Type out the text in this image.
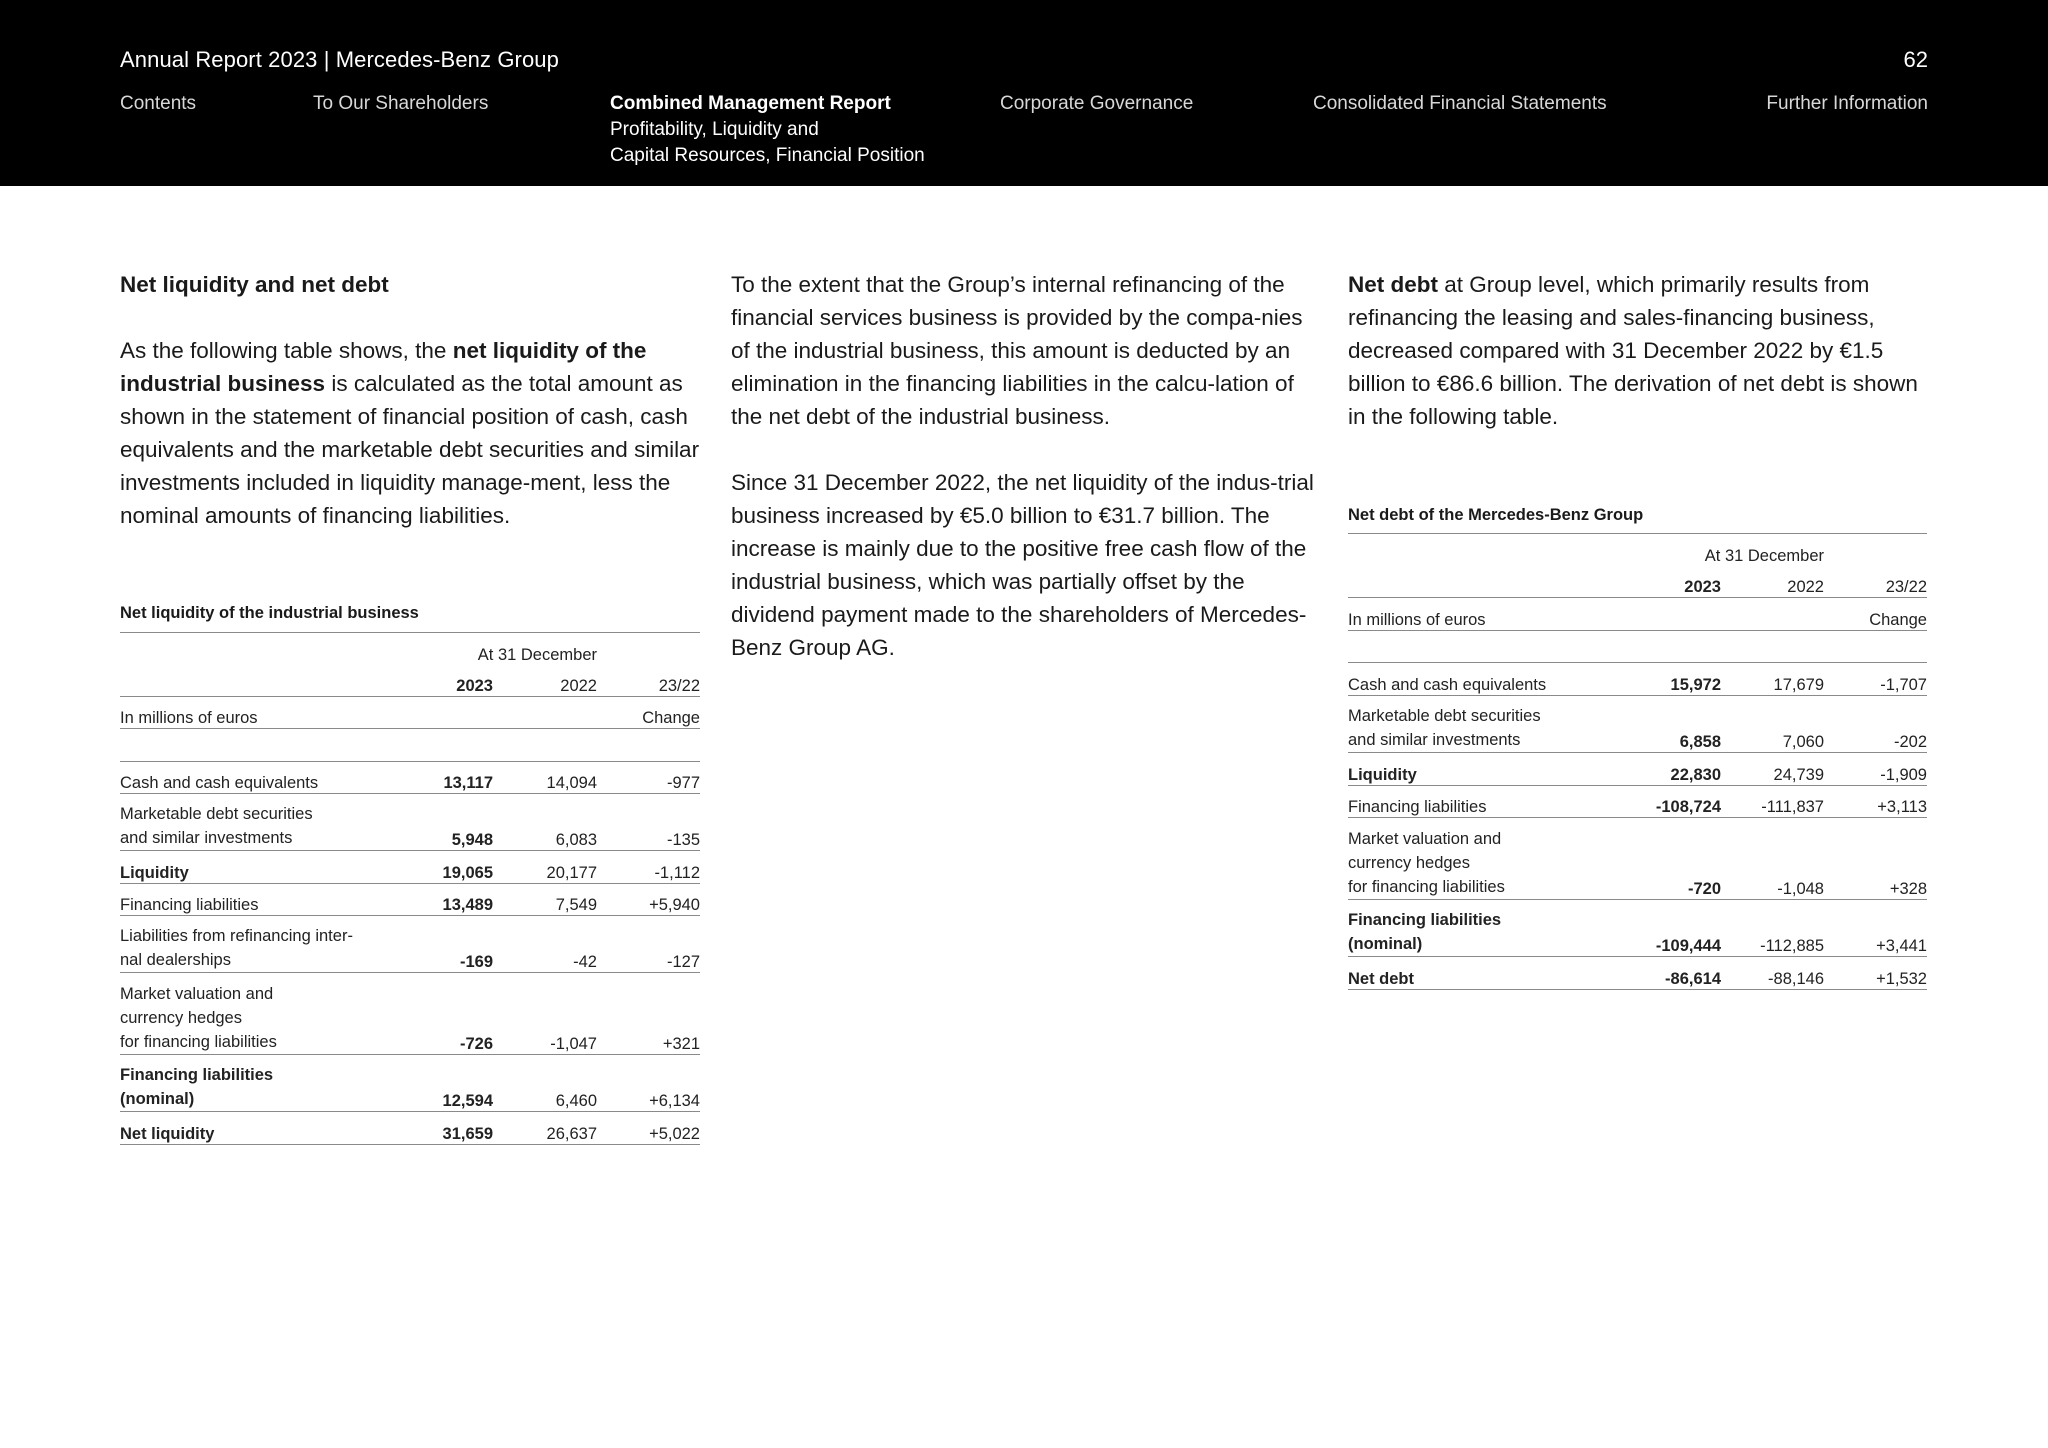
Annual Report 2023 | Mercedes-Benz Group	62
Contents	To Our Shareholders	Combined Management Report
Profitability, Liquidity and
Capital Resources, Financial Position
Corporate Governance	Consolidated Financial Statements	Further Information

Net liquidity and net debt

As the following table shows, the net liquidity of the industrial business is calculated as the total amount as shown in the statement of financial position of cash, cash equivalents and the marketable debt securities and similar investments included in liquidity manage-ment, less the nominal amounts of financing liabilities.

To the extent that the Group’s internal refinancing of the financial services business is provided by the compa-nies of the industrial business, this amount is deducted by an elimination in the financing liabilities in the calcu-lation of the net debt of the industrial business.

Since 31 December 2022, the net liquidity of the indus-trial business increased by €5.0 billion to €31.7 billion. The increase is mainly due to the positive free cash flow of the industrial business, which was partially offset by the dividend payment made to the shareholders of Mercedes-Benz Group AG.

Net debt at Group level, which primarily results from refinancing the leasing and sales-financing business, decreased compared with 31 December 2022 by €1.5 billion to €86.6 billion. The derivation of net debt is shown in the following table.

Net liquidity of the industrial business
	At 31 December		
	2023	2022	23/22
In millions of euros			Change

Cash and cash equivalents	13,117	14,094	-977
Marketable debt securities
and similar investments	5,948	6,083	-135
Liquidity	19,065	20,177	-1,112
Financing liabilities	13,489	7,549	+5,940
Liabilities from refinancing inter-
nal dealerships	-169	-42	-127
Market valuation and
currency hedges
for financing liabilities	-726	-1,047	+321
Financing liabilities
(nominal)	12,594	6,460	+6,134
Net liquidity	31,659	26,637	+5,022
Net debt of the Mercedes-Benz Group
	At 31 December		
	2023	2022	23/22
In millions of euros			Change

Cash and cash equivalents	15,972	17,679	-1,707
Marketable debt securities
and similar investments	6,858	7,060	-202
Liquidity	22,830	24,739	-1,909
Financing liabilities	-108,724	-111,837	+3,113
Market valuation and
currency hedges
for financing liabilities	-720	-1,048	+328
Financing liabilities
(nominal)	-109,444	-112,885	+3,441
Net debt	-86,614	-88,146	+1,532
